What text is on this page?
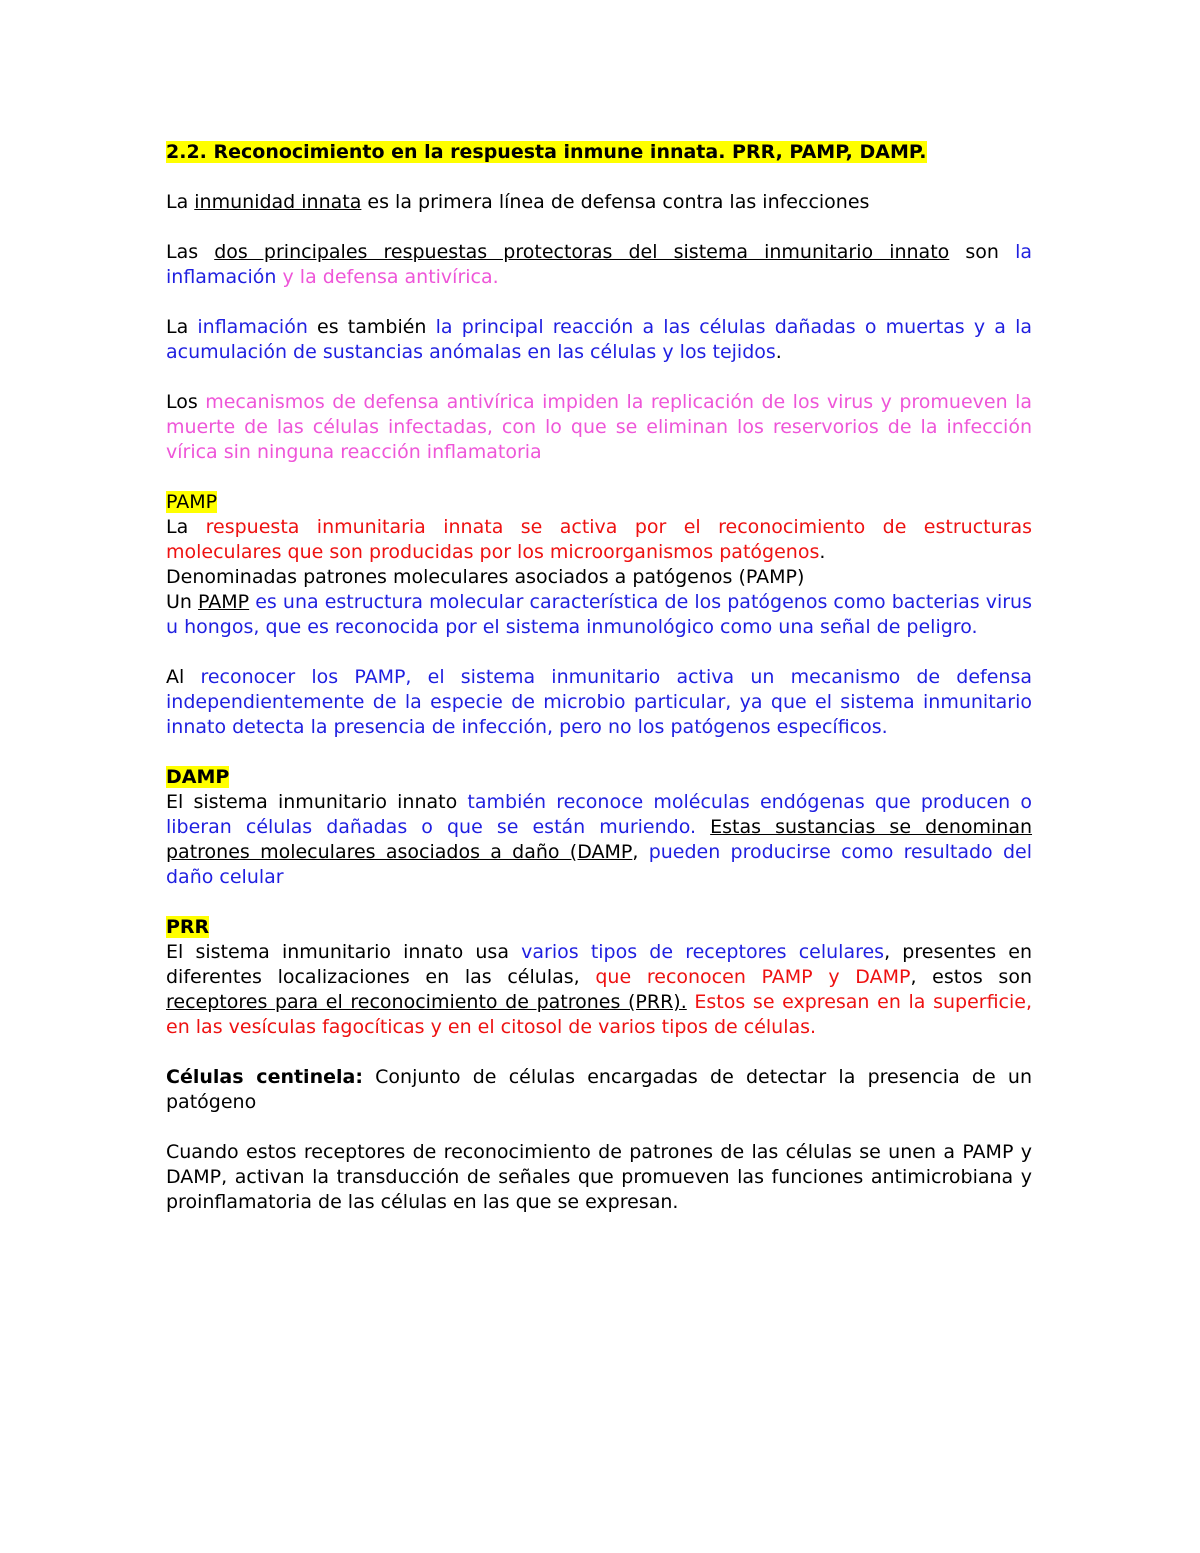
2.2. Reconocimiento en la respuesta inmune innata. PRR, PAMP, DAMP.

La inmunidad innata es la primera línea de defensa contra las infecciones

Las dos principales respuestas protectoras del sistema inmunitario innato son la inflamación y la defensa antivírica.

La inflamación es también la principal reacción a las células dañadas o muertas y a la acumulación de sustancias anómalas en las células y los tejidos.

Los mecanismos de defensa antivírica impiden la replicación de los virus y promueven la muerte de las células infectadas, con lo que se eliminan los reservorios de la infección vírica sin ninguna reacción inflamatoria

PAMP

La respuesta inmunitaria innata se activa por el reconocimiento de estructuras moleculares que son producidas por los microorganismos patógenos.

Denominadas patrones moleculares asociados a patógenos (PAMP)

Un PAMP es una estructura molecular característica de los patógenos como bacterias virus u hongos, que es reconocida por el sistema inmunológico como una señal de peligro.

Al reconocer los PAMP, el sistema inmunitario activa un mecanismo de defensa independientemente de la especie de microbio particular, ya que el sistema inmunitario innato detecta la presencia de infección, pero no los patógenos específicos.

DAMP

El sistema inmunitario innato también reconoce moléculas endógenas que producen o liberan células dañadas o que se están muriendo. Estas sustancias se denominan patrones moleculares asociados a daño (DAMP, pueden producirse como resultado del daño celular

PRR

El sistema inmunitario innato usa varios tipos de receptores celulares, presentes en diferentes localizaciones en las células, que reconocen PAMP y DAMP, estos son receptores para el reconocimiento de patrones (PRR). Estos se expresan en la superficie, en las vesículas fagocíticas y en el citosol de varios tipos de células.

Células centinela: Conjunto de células encargadas de detectar la presencia de un patógeno

Cuando estos receptores de reconocimiento de patrones de las células se unen a PAMP y DAMP, activan la transducción de señales que promueven las funciones antimicrobiana y proinflamatoria de las células en las que se expresan.
